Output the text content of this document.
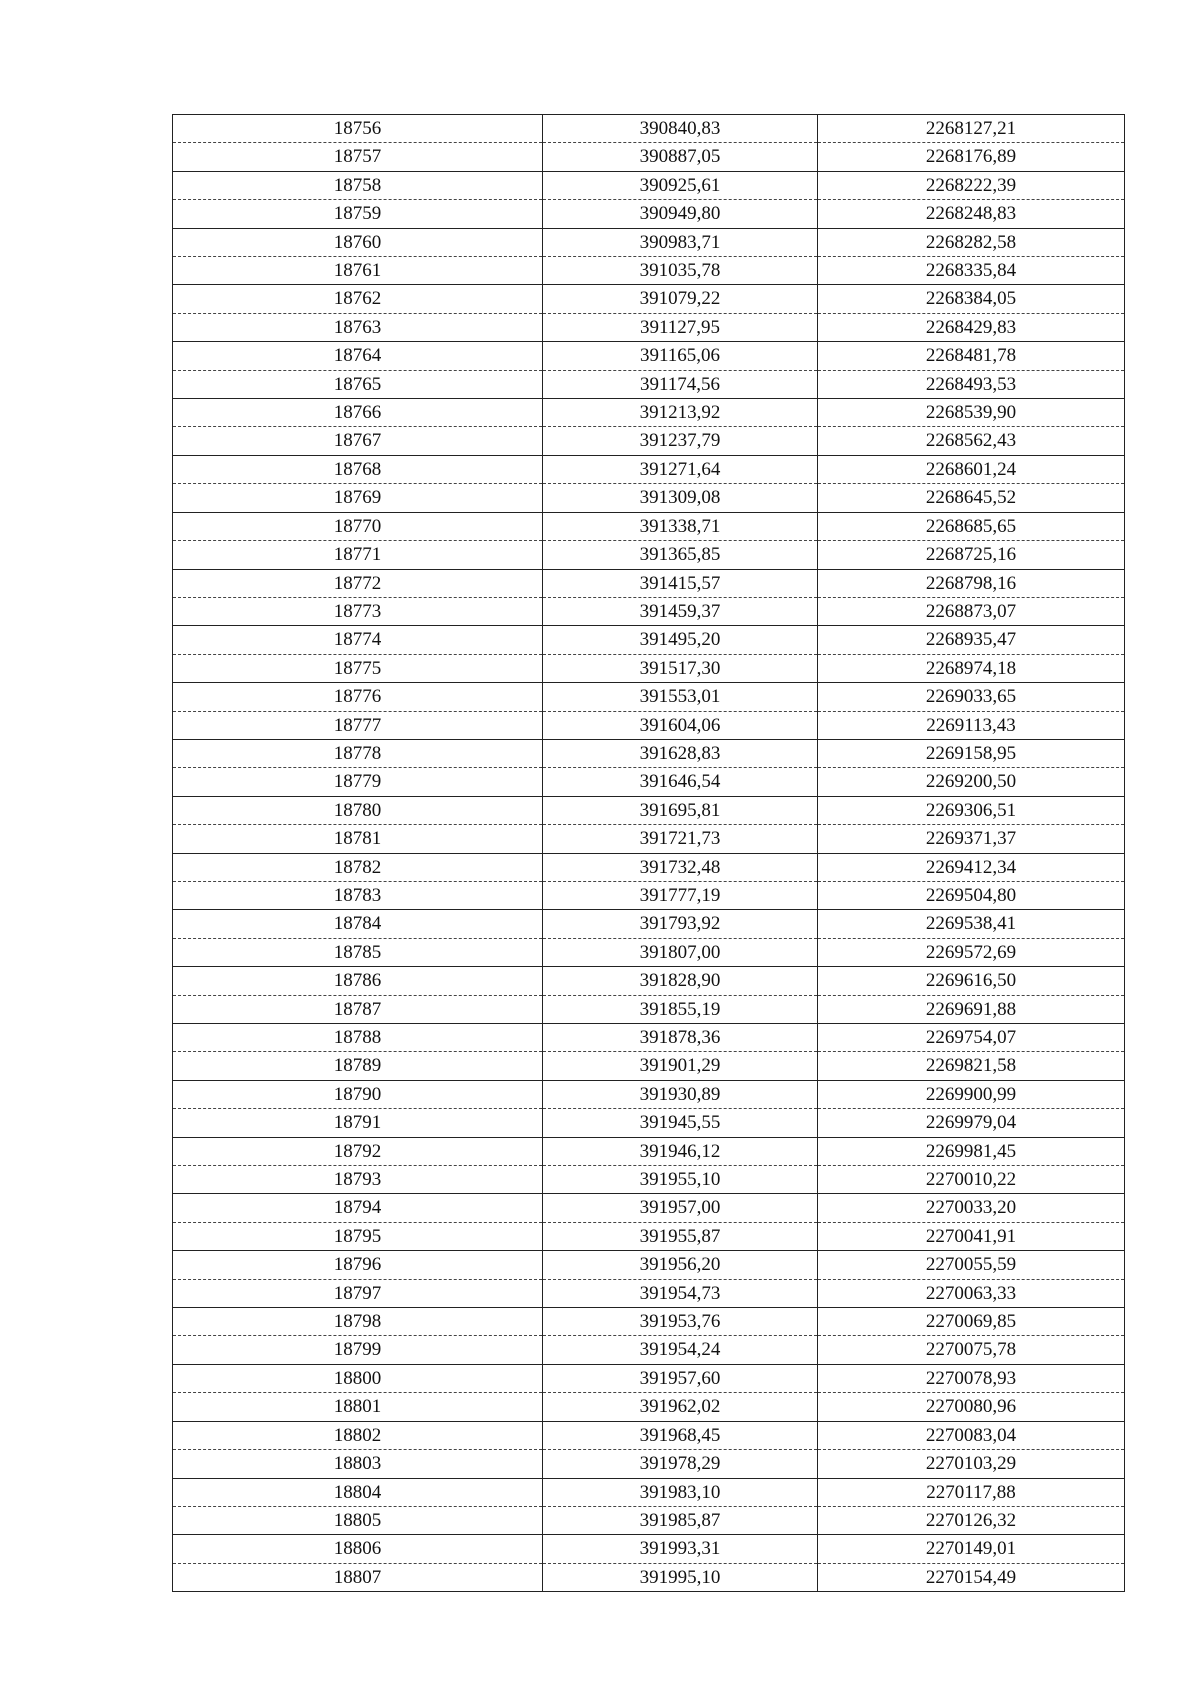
18756	390840,83	2268127,21
18757	390887,05	2268176,89
18758	390925,61	2268222,39
18759	390949,80	2268248,83
18760	390983,71	2268282,58
18761	391035,78	2268335,84
18762	391079,22	2268384,05
18763	391127,95	2268429,83
18764	391165,06	2268481,78
18765	391174,56	2268493,53
18766	391213,92	2268539,90
18767	391237,79	2268562,43
18768	391271,64	2268601,24
18769	391309,08	2268645,52
18770	391338,71	2268685,65
18771	391365,85	2268725,16
18772	391415,57	2268798,16
18773	391459,37	2268873,07
18774	391495,20	2268935,47
18775	391517,30	2268974,18
18776	391553,01	2269033,65
18777	391604,06	2269113,43
18778	391628,83	2269158,95
18779	391646,54	2269200,50
18780	391695,81	2269306,51
18781	391721,73	2269371,37
18782	391732,48	2269412,34
18783	391777,19	2269504,80
18784	391793,92	2269538,41
18785	391807,00	2269572,69
18786	391828,90	2269616,50
18787	391855,19	2269691,88
18788	391878,36	2269754,07
18789	391901,29	2269821,58
18790	391930,89	2269900,99
18791	391945,55	2269979,04
18792	391946,12	2269981,45
18793	391955,10	2270010,22
18794	391957,00	2270033,20
18795	391955,87	2270041,91
18796	391956,20	2270055,59
18797	391954,73	2270063,33
18798	391953,76	2270069,85
18799	391954,24	2270075,78
18800	391957,60	2270078,93
18801	391962,02	2270080,96
18802	391968,45	2270083,04
18803	391978,29	2270103,29
18804	391983,10	2270117,88
18805	391985,87	2270126,32
18806	391993,31	2270149,01
18807	391995,10	2270154,49
